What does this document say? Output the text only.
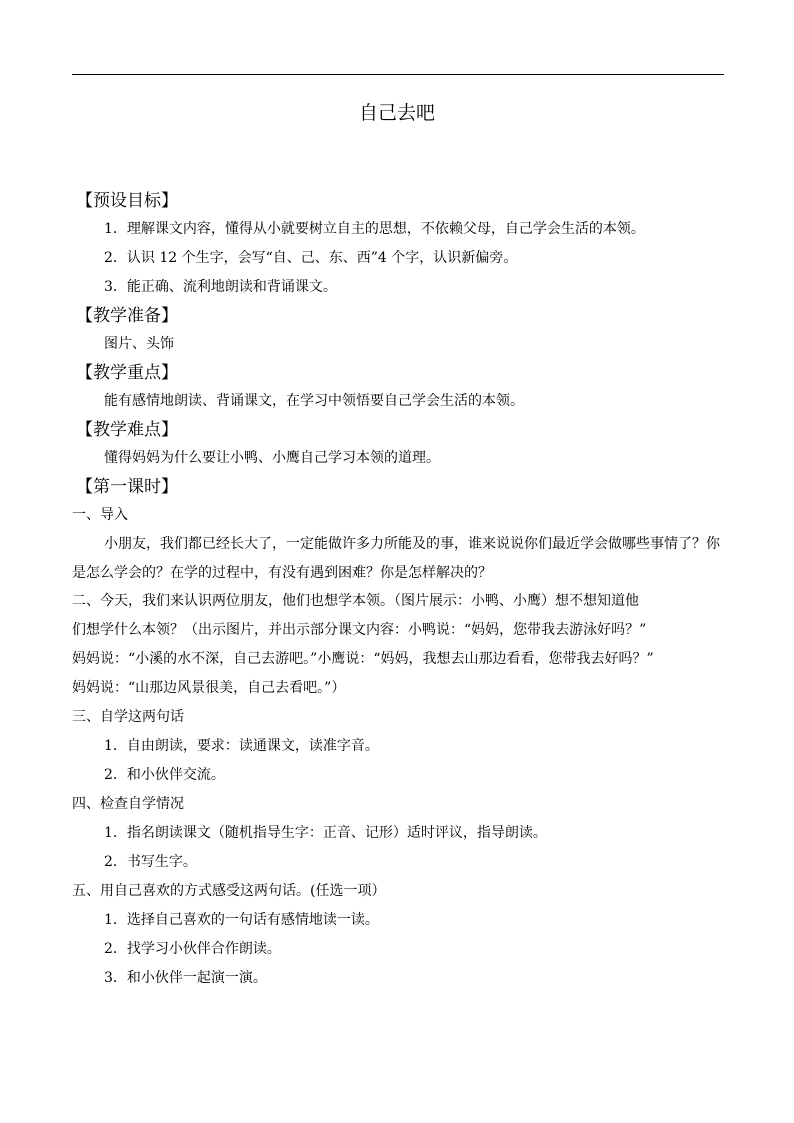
自己去吧
【预设目标】
1．理解课文内容，懂得从小就要树立自主的思想，不依赖父母，自己学会生活的本领。
2．认识 12 个生字，会写“自、己、东、西”4 个字，认识新偏旁。
3．能正确、流利地朗读和背诵课文。
【教学准备】
图片、头饰
【教学重点】
能有感情地朗读、背诵课文，在学习中领悟要自己学会生活的本领。
【教学难点】
懂得妈妈为什么要让小鸭、小鹰自己学习本领的道理。
【第一课时】
一、导入
小朋友，我们都已经长大了，一定能做许多力所能及的事，谁来说说你们最近学会做哪些事情了？你是怎么学会的？在学的过程中，有没有遇到困难？你是怎样解决的？
二、今天，我们来认识两位朋友，他们也想学本领。（图片展示：小鸭、小鹰）想不想知道他
们想学什么本领？（出示图片，并出示部分课文内容：小鸭说：“妈妈，您带我去游泳好吗？”
妈妈说：“小溪的水不深，自己去游吧。”小鹰说：“妈妈，我想去山那边看看，您带我去好吗？”
妈妈说：“山那边风景很美，自己去看吧。”）
三、自学这两句话
1．自由朗读，要求：读通课文，读准字音。
2．和小伙伴交流。
四、检查自学情况
1．指名朗读课文（随机指导生字：正音、记形）适时评议，指导朗读。
2．书写生字。
五、用自己喜欢的方式感受这两句话。(任选一项）
1．选择自己喜欢的一句话有感情地读一读。
2．找学习小伙伴合作朗读。
3．和小伙伴一起演一演。
